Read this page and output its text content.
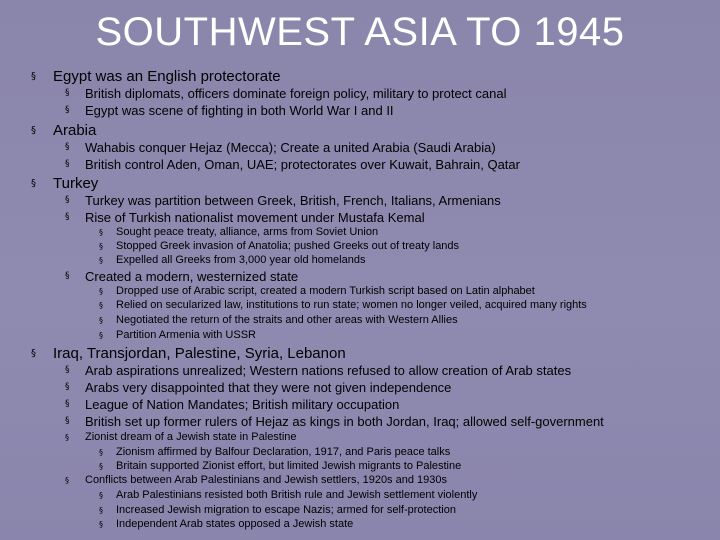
SOUTHWEST ASIA TO 1945
§ Egypt was an English protectorate
§ British diplomats, officers dominate foreign policy, military to protect canal
§ Egypt was scene of fighting in both World War I and II
§ Arabia
§ Wahabis conquer Hejaz (Mecca); Create a united Arabia (Saudi Arabia)
§ British control Aden, Oman, UAE; protectorates over Kuwait, Bahrain, Qatar
§ Turkey
§ Turkey was partition between Greek, British, French, Italians, Armenians
§ Rise of Turkish nationalist movement under Mustafa Kemal
§ Sought peace treaty, alliance, arms from Soviet Union
§ Stopped Greek invasion of Anatolia; pushed Greeks out of treaty lands
§ Expelled all Greeks from 3,000 year old homelands
§ Created a modern, westernized state
§ Dropped use of Arabic script, created a modern Turkish script based on Latin alphabet
§ Relied on secularized law, institutions to run state; women no longer veiled, acquired many rights
§ Negotiated the return of the straits and other areas with Western Allies
§ Partition Armenia with USSR
§ Iraq, Transjordan, Palestine, Syria, Lebanon
§ Arab aspirations unrealized; Western nations refused to allow creation of Arab states
§ Arabs very disappointed that they were not given independence
§ League of Nation Mandates; British military occupation
§ British set up former rulers of Hejaz as kings in both Jordan, Iraq; allowed self-government
§ Zionist dream of a Jewish state in Palestine
§ Zionism affirmed by Balfour Declaration, 1917, and Paris peace talks
§ Britain supported Zionist effort, but limited Jewish migrants to Palestine
§ Conflicts between Arab Palestinians and Jewish settlers, 1920s and 1930s
§ Arab Palestinians resisted both British rule and Jewish settlement violently
§ Increased Jewish migration to escape Nazis; armed for self-protection
§ Independent Arab states opposed a Jewish state
